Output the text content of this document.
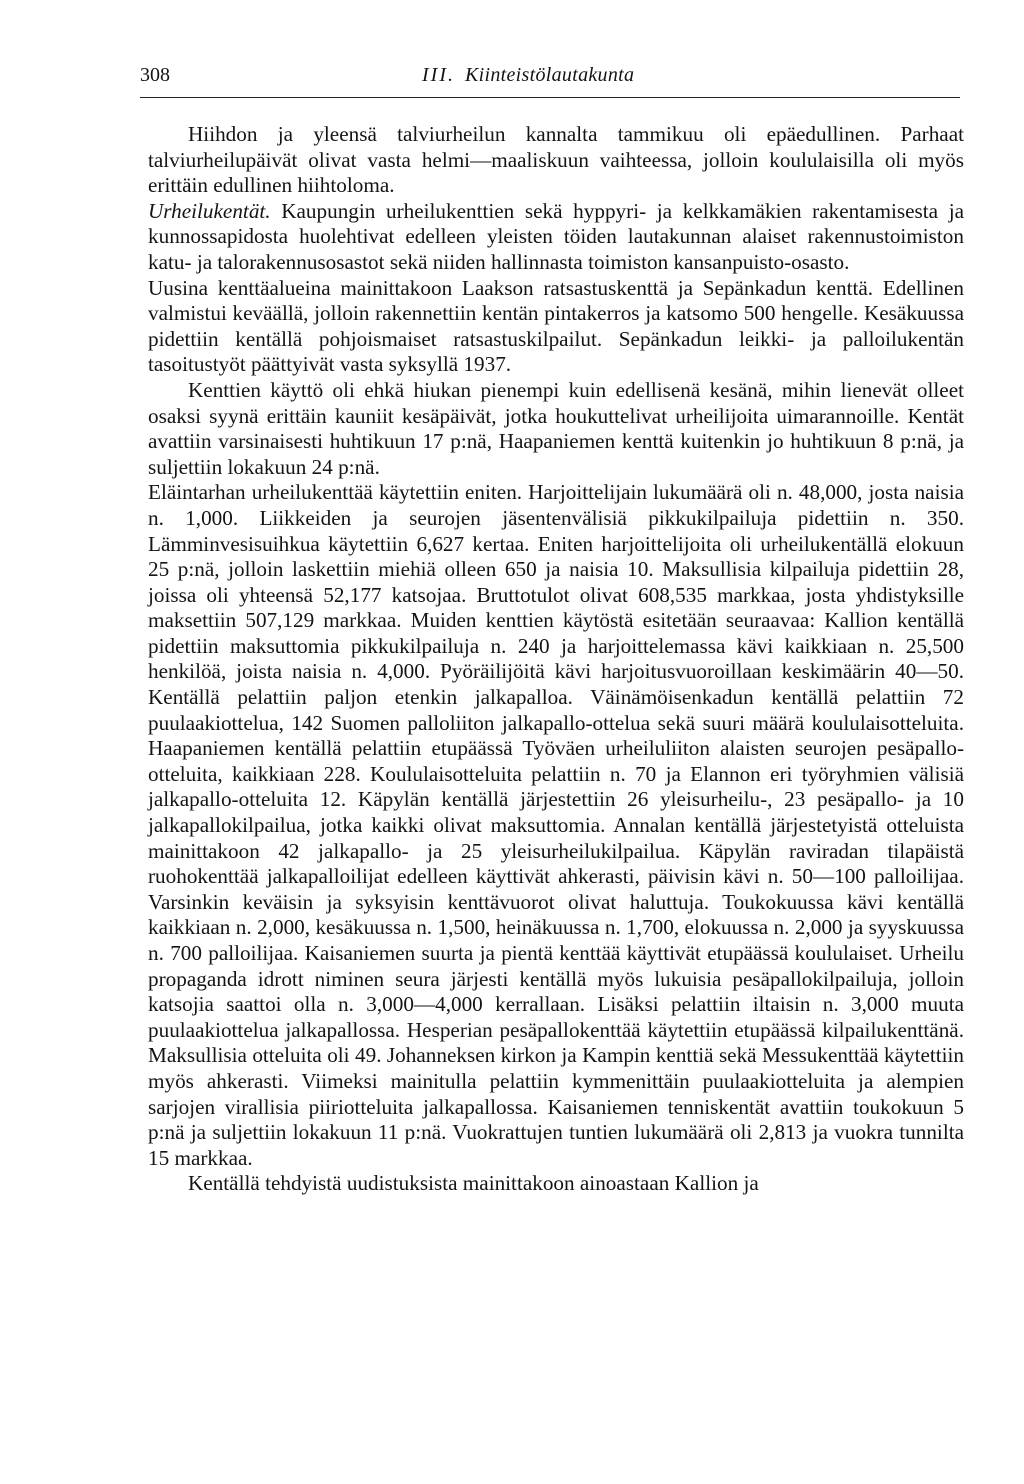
308	III. Kiinteistölautakunta

Hiihdon ja yleensä talviurheilun kannalta tammikuu oli epäedullinen. Parhaat talviurheilupäivät olivat vasta helmi—maaliskuun vaihteessa, jolloin koululaisilla oli myös erittäin edullinen hiihtoloma.

Urheilukentät. Kaupungin urheilukenttien sekä hyppyri- ja kelkkamäkien rakentamisesta ja kunnossapidosta huolehtivat edelleen yleisten töiden lautakunnan alaiset rakennustoimiston katu- ja talorakennusosastot sekä niiden hallinnasta toimiston kansanpuisto-osasto.

Uusina kenttäalueina mainittakoon Laakson ratsastuskenttä ja Sepänkadun kenttä. Edellinen valmistui keväällä, jolloin rakennettiin kentän pintakerros ja katsomo 500 hengelle. Kesäkuussa pidettiin kentällä pohjoismaiset ratsastuskilpailut. Sepänkadun leikki- ja palloilukentän tasoitustyöt päättyivät vasta syksyllä 1937.

Kenttien käyttö oli ehkä hiukan pienempi kuin edellisenä kesänä, mihin lienevät olleet osaksi syynä erittäin kauniit kesäpäivät, jotka houkuttelivat urheilijoita uimarannoille. Kentät avattiin varsinaisesti huhtikuun 17 p:nä, Haapaniemen kenttä kuitenkin jo huhtikuun 8 p:nä, ja suljettiin lokakuun 24 p:nä.

Eläintarhan urheilukenttää käytettiin eniten. Harjoittelijain lukumäärä oli n. 48,000, josta naisia n. 1,000. Liikkeiden ja seurojen jäsentenvälisiä pikkukilpailuja pidettiin n. 350. Lämminvesisuihkua käytettiin 6,627 kertaa. Eniten harjoittelijoita oli urheilukentällä elokuun 25 p:nä, jolloin laskettiin miehiä olleen 650 ja naisia 10. Maksullisia kilpailuja pidettiin 28, joissa oli yhteensä 52,177 katsojaa. Bruttotulot olivat 608,535 markkaa, josta yhdistyksille maksettiin 507,129 markkaa. Muiden kenttien käytöstä esitetään seuraavaa: Kallion kentällä pidettiin maksuttomia pikkukilpailuja n. 240 ja harjoittelemassa kävi kaikkiaan n. 25,500 henkilöä, joista naisia n. 4,000. Pyöräilijöitä kävi harjoitusvuoroillaan keskimäärin 40—50. Kentällä pelattiin paljon etenkin jalkapalloa. Väinämöisenkadun kentällä pelattiin 72 puulaakiottelua, 142 Suomen palloliiton jalkapallo-ottelua sekä suuri määrä koululaisotteluita. Haapaniemen kentällä pelattiin etupäässä Työväen urheiluliiton alaisten seurojen pesäpallo-otteluita, kaikkiaan 228. Koululaisotteluita pelattiin n. 70 ja Elannon eri työryhmien välisiä jalkapallo-otteluita 12. Käpylän kentällä järjestettiin 26 yleisurheilu-, 23 pesäpallo- ja 10 jalkapallokilpailua, jotka kaikki olivat maksuttomia. Annalan kentällä järjestetyistä otteluista mainittakoon 42 jalkapallo- ja 25 yleisurheilukilpailua. Käpylän raviradan tilapäistä ruohokenttää jalkapalloilijat edelleen käyttivät ahkerasti, päivisin kävi n. 50—100 palloilijaa. Varsinkin keväisin ja syksyisin kenttävuorot olivat haluttuja. Toukokuussa kävi kentällä kaikkiaan n. 2,000, kesäkuussa n. 1,500, heinäkuussa n. 1,700, elokuussa n. 2,000 ja syyskuussa n. 700 palloilijaa. Kaisaniemen suurta ja pientä kenttää käyttivät etupäässä koululaiset. Urheilu propaganda idrott niminen seura järjesti kentällä myös lukuisia pesäpallokilpailuja, jolloin katsojia saattoi olla n. 3,000—4,000 kerrallaan. Lisäksi pelattiin iltaisin n. 3,000 muuta puulaakiottelua jalkapallossa. Hesperian pesäpallokenttää käytettiin etupäässä kilpailukenttänä. Maksullisia otteluita oli 49. Johanneksen kirkon ja Kampin kenttiä sekä Messukenttää käytettiin myös ahkerasti. Viimeksi mainitulla pelattiin kymmenittäin puulaakiotteluita ja alempien sarjojen virallisia piiriotteluita jalkapallossa. Kaisaniemen tenniskentät avattiin toukokuun 5 p:nä ja suljettiin lokakuun 11 p:nä. Vuokrattujen tuntien lukumäärä oli 2,813 ja vuokra tunnilta 15 markkaa.

Kentällä tehdyistä uudistuksista mainittakoon ainoastaan Kallion ja
